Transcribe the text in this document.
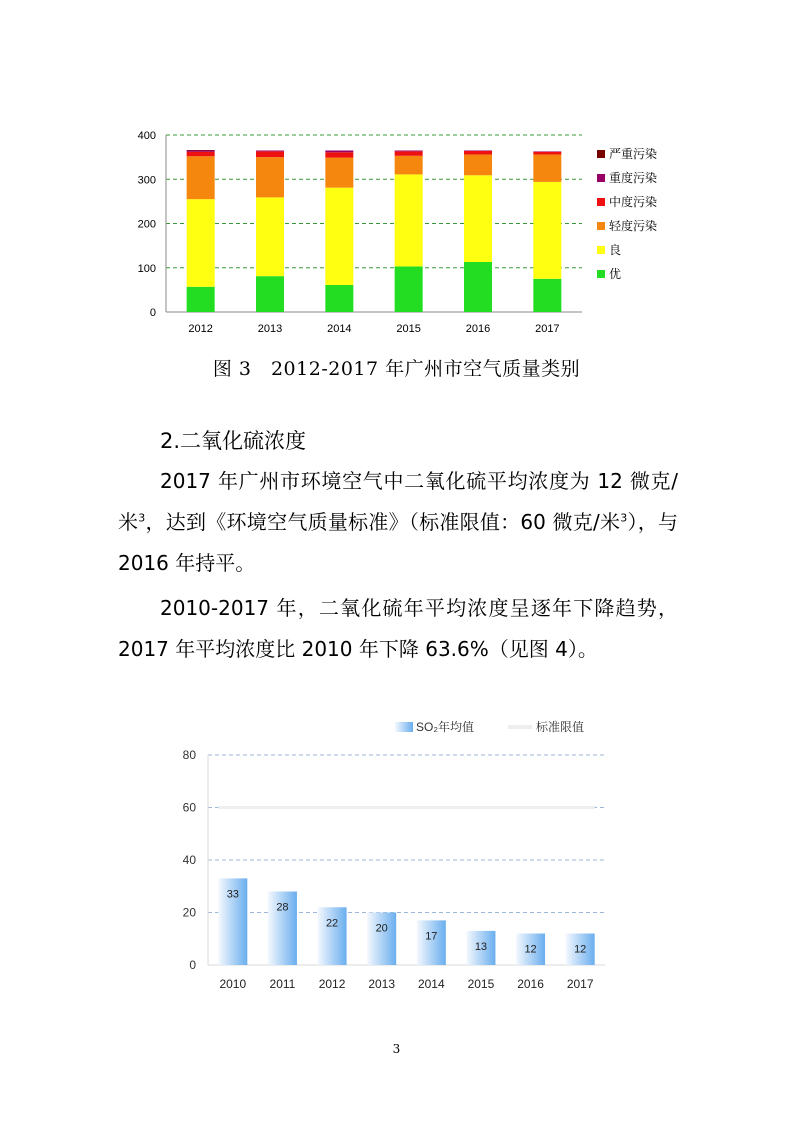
0
100
200
300
400
2012	2013	2014	2015	2016	2017
严重污染
重度污染
中度污染
轻度污染
良
优
图 3　2012-2017 年广州市空气质量类别
2.二氧化硫浓度

2017 年广州市环境空气中二氧化硫平均浓度为 12 微克/米$^3$，达到《环境空气质量标准》（标准限值：60 微克/米$^3$），与 2016 年持平。

2010-2017 年，二氧化硫年平均浓度呈逐年下降趋势，2017 年平均浓度比 2010 年下降 63.6%（见图 4）。

SO₂年均值	标准限值
0
20
40
60
80
33
2010
28
2011
22
2012
20
2013
17
2014
13
2015
12
2016
12
2017
3
